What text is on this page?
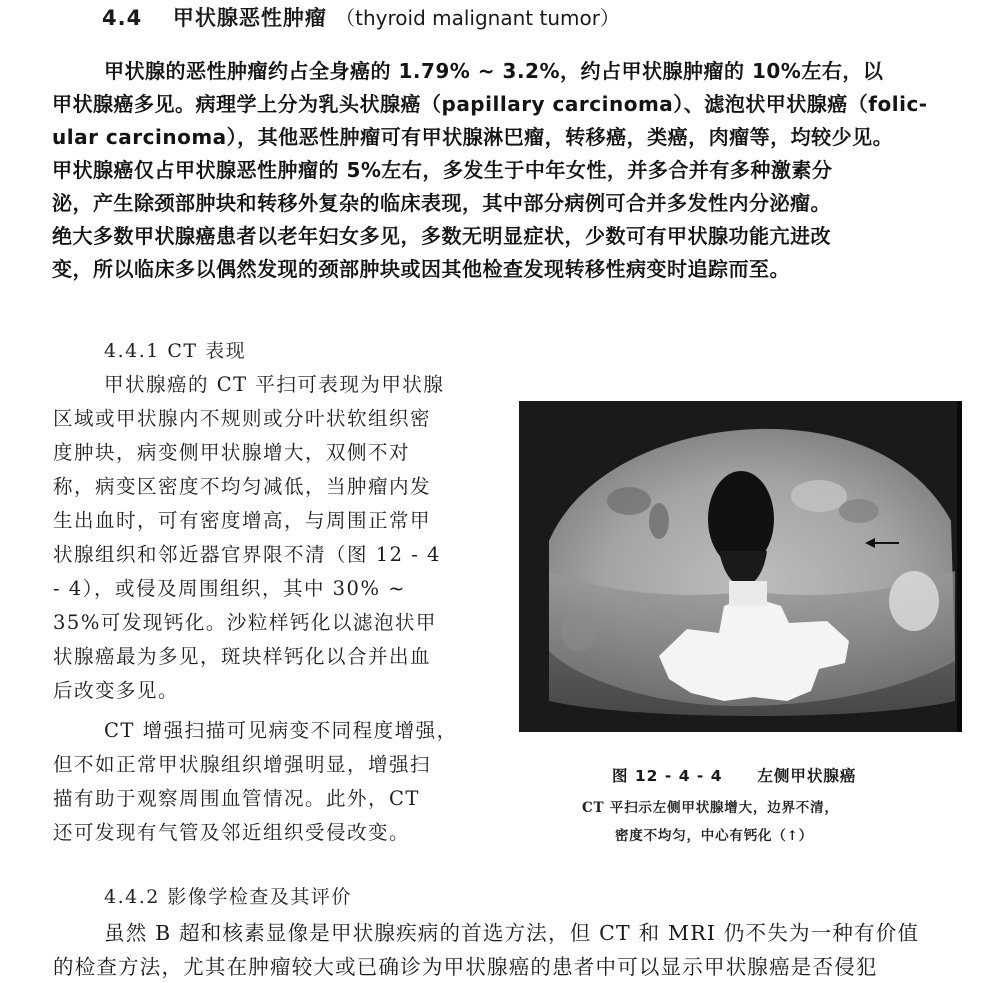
4.4 甲状腺恶性肿瘤 （thyroid malignant tumor）
甲状腺的恶性肿瘤约占全身癌的 1.79% ~ 3.2%，约占甲状腺肿瘤的 10%左右，以
甲状腺癌多见。病理学上分为乳头状腺癌（papillary carcinoma）、滤泡状甲状腺癌（folic-
ular carcinoma），其他恶性肿瘤可有甲状腺淋巴瘤，转移癌，类癌，肉瘤等，均较少见。
甲状腺癌仅占甲状腺恶性肿瘤的 5%左右，多发生于中年女性，并多合并有多种激素分
泌，产生除颈部肿块和转移外复杂的临床表现，其中部分病例可合并多发性内分泌瘤。
绝大多数甲状腺癌患者以老年妇女多见，多数无明显症状，少数可有甲状腺功能亢进改
变，所以临床多以偶然发现的颈部肿块或因其他检查发现转移性病变时追踪而至。
4.4.1 CT 表现
甲状腺癌的 CT 平扫可表现为甲状腺
区域或甲状腺内不规则或分叶状软组织密
度肿块，病变侧甲状腺增大，双侧不对
称，病变区密度不均匀减低，当肿瘤内发
生出血时，可有密度增高，与周围正常甲
状腺组织和邻近器官界限不清（图 12 - 4
- 4），或侵及周围组织，其中 30% ~
35%可发现钙化。沙粒样钙化以滤泡状甲
状腺癌最为多见，斑块样钙化以合并出血
后改变多见。
CT 增强扫描可见病变不同程度增强，
但不如正常甲状腺组织增强明显，增强扫
描有助于观察周围血管情况。此外，CT
还可发现有气管及邻近组织受侵改变。
图 12 - 4 - 4 左侧甲状腺癌
CT 平扫示左侧甲状腺增大，边界不清，
密度不均匀，中心有钙化（↑）
4.4.2 影像学检查及其评价
虽然 B 超和核素显像是甲状腺疾病的首选方法，但 CT 和 MRI 仍不失为一种有价值
的检查方法，尤其在肿瘤较大或已确诊为甲状腺癌的患者中可以显示甲状腺癌是否侵犯
